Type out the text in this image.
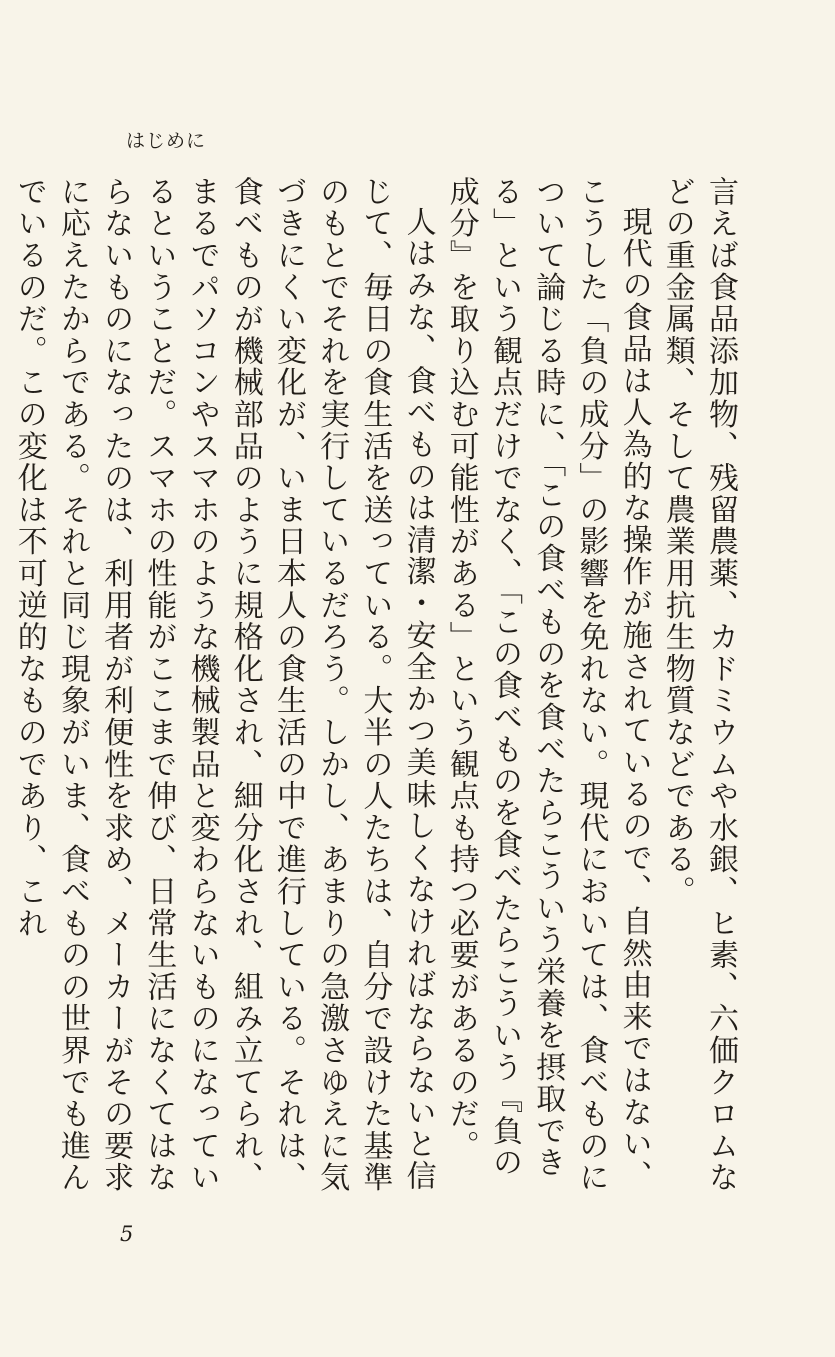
はじめに

言えば食品添加物、残留農薬、カドミウムや水銀、ヒ素、六価クロムなどの重金属類、そして農業用抗生物質などである。

現代の食品は人為的な操作が施されているので、自然由来ではない、こうした「負の成分」の影響を免れない。現代においては、食べものについて論じる時に、「この食べものを食べたらこういう栄養を摂取できる」という観点だけでなく、「この食べものを食べたらこういう『負の成分』を取り込む可能性がある」という観点も持つ必要があるのだ。

人はみな、食べものは清潔・安全かつ美味しくなければならないと信じて、毎日の食生活を送っている。大半の人たちは、自分で設けた基準のもとでそれを実行しているだろう。しかし、あまりの急激さゆえに気づきにくい変化が、いま日本人の食生活の中で進行している。それは、食べものが機械部品のように規格化され、細分化され、組み立てられ、まるでパソコンやスマホのような機械製品と変わらないものになっているということだ。スマホの性能がここまで伸び、日常生活になくてはならないものになったのは、利用者が利便性を求め、メーカーがその要求に応えたからである。それと同じ現象がいま、食べものの世界でも進んでいるのだ。この変化は不可逆的なものであり、これ

5
